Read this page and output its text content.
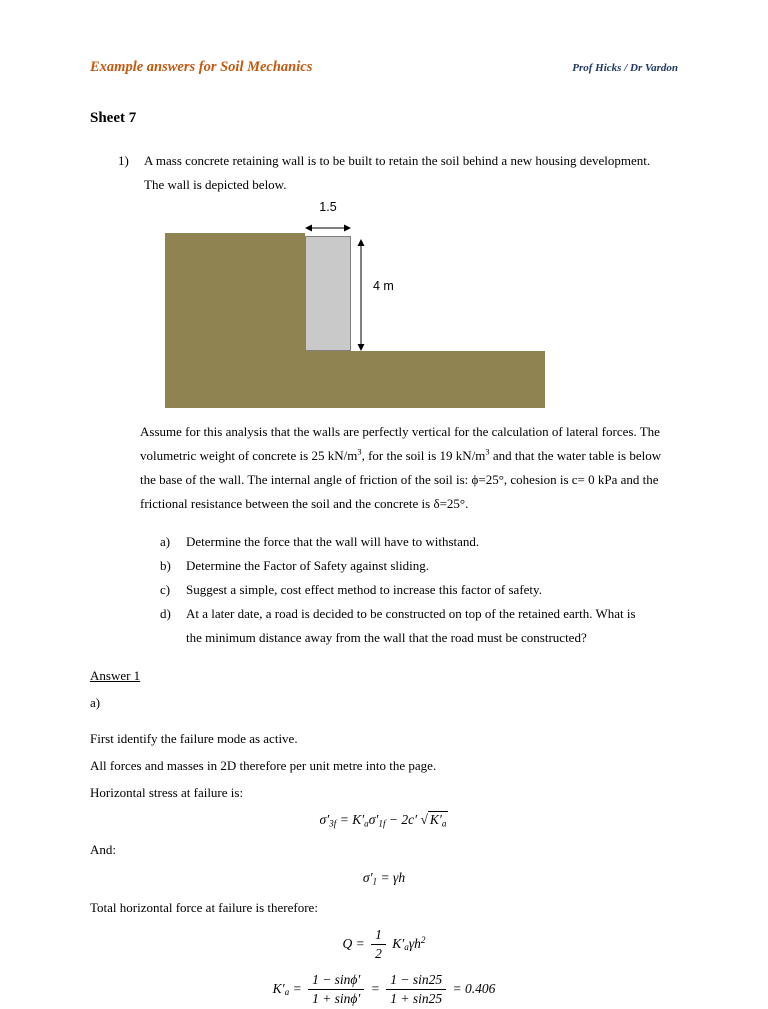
Example answers for Soil Mechanics	Prof Hicks / Dr Vardon
Sheet 7
1)	A mass concrete retaining wall is to be built to retain the soil behind a new housing development. The wall is depicted below.

1.5
4 m

Assume for this analysis that the walls are perfectly vertical for the calculation of lateral forces. The volumetric weight of concrete is 25 $kN/m^3$, for the soil is 19 $kN/m^3$ and that the water table is below the base of the wall. The internal angle of friction of the soil is: ϕ=25°, cohesion is c= 0 kPa and the frictional resistance between the soil and the concrete is δ=25°.

a)	Determine the force that the wall will have to withstand.
b)	Determine the Factor of Safety against sliding.
c)	Suggest a simple, cost effect method to increase this factor of safety.
d)	At a later date, a road is decided to be constructed on top of the retained earth. What is the minimum distance away from the wall that the road must be constructed?

Answer 1

a)

First identify the failure mode as active.

All forces and masses in 2D therefore per unit metre into the page.

Horizontal stress at failure is:

σ′3f = K′aσ′1f − 2c′ √ K′a

And:

σ′1 = γh

Total horizontal force at failure is therefore:

$Q = \frac{1}{2} K'a\gamma h^2$
$K'a = \frac{1 - \sin\phi'}{1 + \sin\phi'} = \frac{1 - \sin 25}{1 + \sin 25} = 0.406$
